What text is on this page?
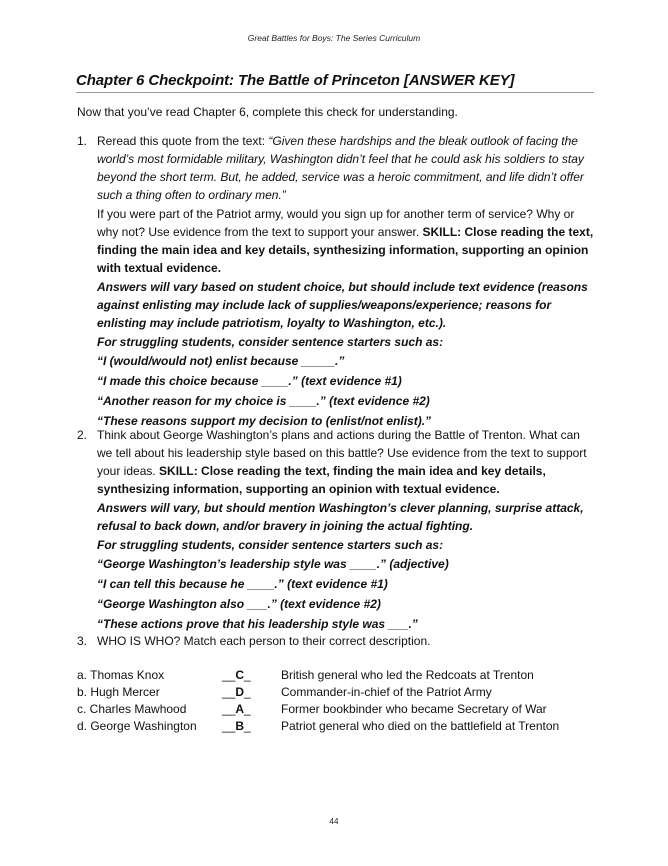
Great Battles for Boys: The Series Curriculum
Chapter 6 Checkpoint: The Battle of Princeton [ANSWER KEY]
Now that you’ve read Chapter 6, complete this check for understanding.
1. Reread this quote from the text: “Given these hardships and the bleak outlook of facing the world’s most formidable military, Washington didn’t feel that he could ask his soldiers to stay beyond the short term. But, he added, service was a heroic commitment, and life didn’t offer such a thing often to ordinary men.”

If you were part of the Patriot army, would you sign up for another term of service? Why or why not? Use evidence from the text to support your answer. SKILL: Close reading the text, finding the main idea and key details, synthesizing information, supporting an opinion with textual evidence.

Answers will vary based on student choice, but should include text evidence (reasons against enlisting may include lack of supplies/weapons/experience; reasons for enlisting may include patriotism, loyalty to Washington, etc.).

For struggling students, consider sentence starters such as:

“I (would/would not) enlist because _____.”

“I made this choice because ____.” (text evidence #1)

“Another reason for my choice is ____.” (text evidence #2)

“These reasons support my decision to (enlist/not enlist).”

2. Think about George Washington’s plans and actions during the Battle of Trenton. What can we tell about his leadership style based on this battle? Use evidence from the text to support your ideas. SKILL: Close reading the text, finding the main idea and key details, synthesizing information, supporting an opinion with textual evidence.

Answers will vary, but should mention Washington’s clever planning, surprise attack, refusal to back down, and/or bravery in joining the actual fighting.

For struggling students, consider sentence starters such as:

“George Washington’s leadership style was ____.” (adjective)

“I can tell this because he ____.” (text evidence #1)

“George Washington also ___.” (text evidence #2)

“These actions prove that his leadership style was ___.”

3. WHO IS WHO? Match each person to their correct description.

a. Thomas Knox	__C_	British general who led the Redcoats at Trenton
b. Hugh Mercer	__D_	Commander-in-chief of the Patriot Army
c. Charles Mawhood	__A_	Former bookbinder who became Secretary of War
d. George Washington __B_	Patriot general who died on the battlefield at Trenton
44
